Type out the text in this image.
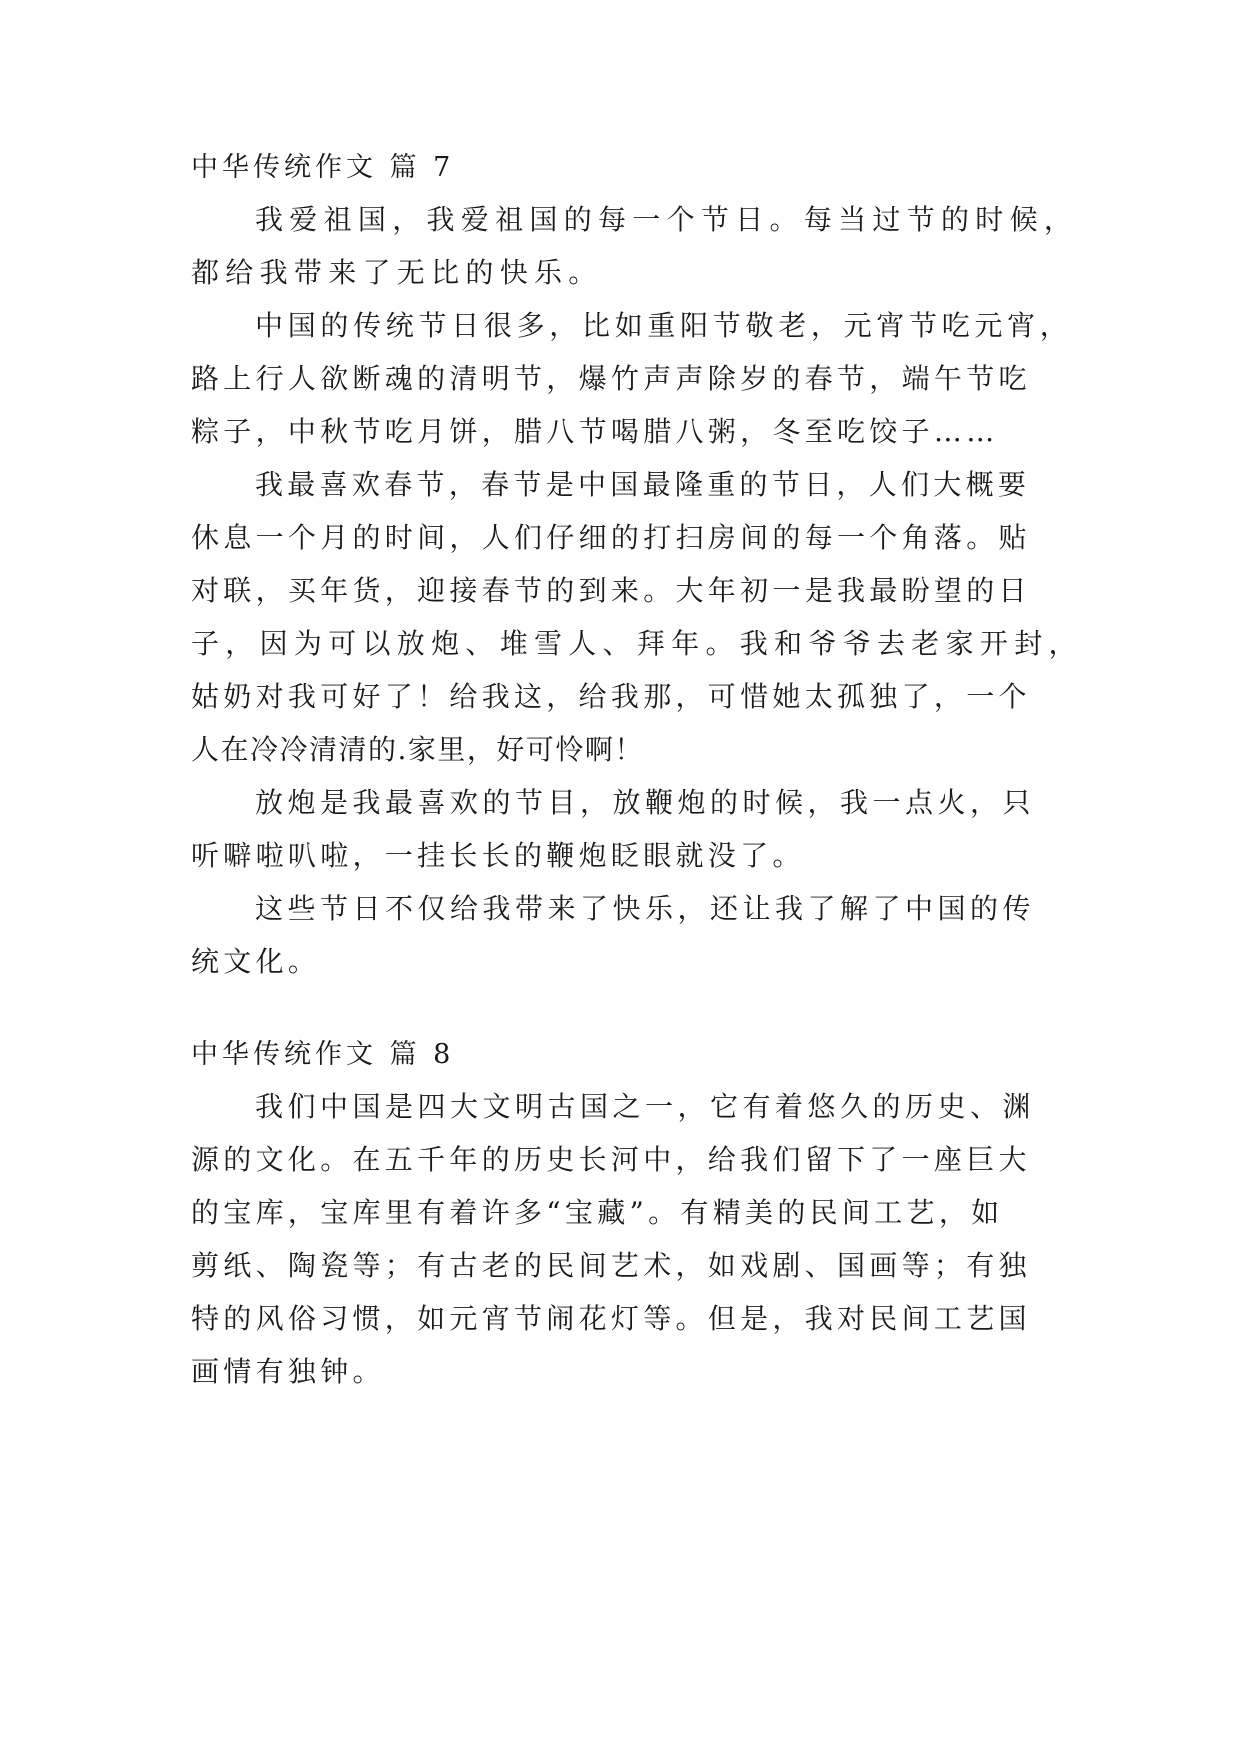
中华传统作文 篇 7
我爱祖国，我爱祖国的每一个节日。每当过节的时候，
都给我带来了无比的快乐。
中国的传统节日很多，比如重阳节敬老，元宵节吃元宵，
路上行人欲断魂的清明节，爆竹声声除岁的春节，端午节吃
粽子，中秋节吃月饼，腊八节喝腊八粥，冬至吃饺子……
我最喜欢春节，春节是中国最隆重的节日，人们大概要
休息一个月的时间，人们仔细的打扫房间的每一个角落。贴
对联，买年货，迎接春节的到来。大年初一是我最盼望的日
子，因为可以放炮、堆雪人、拜年。我和爷爷去老家开封，
姑奶对我可好了！给我这，给我那，可惜她太孤独了，一个
人在冷冷清清的.家里，好可怜啊！
放炮是我最喜欢的节目，放鞭炮的时候，我一点火，只
听噼啦叭啦，一挂长长的鞭炮眨眼就没了。
这些节日不仅给我带来了快乐，还让我了解了中国的传
统文化。
中华传统作文 篇 8
我们中国是四大文明古国之一，它有着悠久的历史、渊
源的文化。在五千年的历史长河中，给我们留下了一座巨大
的宝库，宝库里有着许多“宝藏”。有精美的民间工艺，如
剪纸、陶瓷等；有古老的民间艺术，如戏剧、国画等；有独
特的风俗习惯，如元宵节闹花灯等。但是，我对民间工艺国
画情有独钟。
